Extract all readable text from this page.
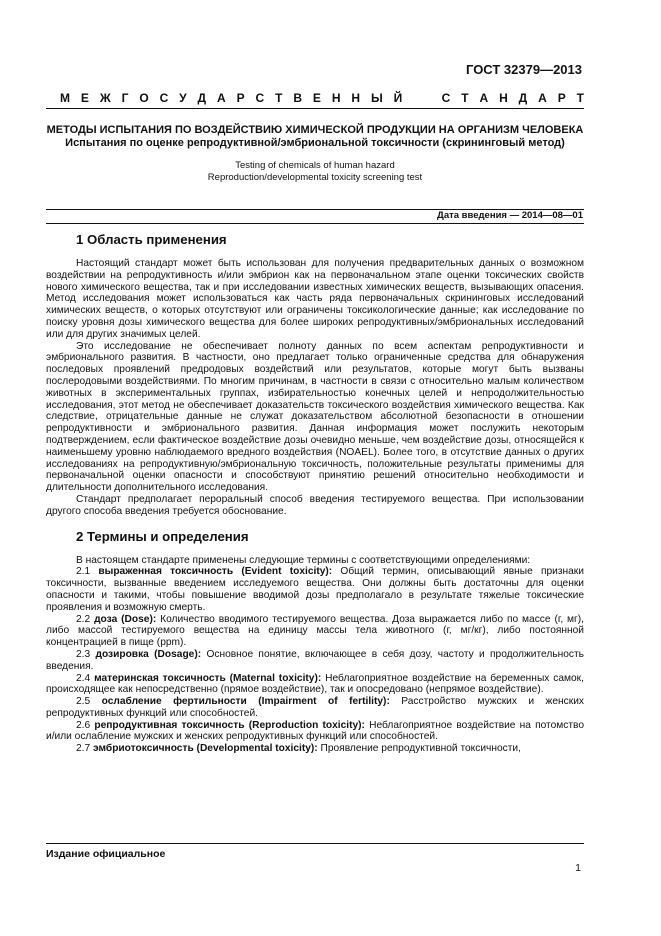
ГОСТ 32379—2013
М Е Ж Г О С У Д А Р С Т В Е Н Н Ы Й

	С Т А Н Д А Р Т
МЕТОДЫ ИСПЫТАНИЯ ПО ВОЗДЕЙСТВИЮ ХИМИЧЕСКОЙ ПРОДУКЦИИ НА ОРГАНИЗМ ЧЕЛОВЕКА
Испытания по оценке репродуктивной/эмбриональной токсичности (скрининговый метод)
Testing of chemicals of human hazard
Reproduction/developmental toxicity screening test
Дата введения — 2014—08—01
1 Область применения

Настоящий стандарт может быть использован для получения предварительных данных о возможном воздействии на репродуктивность и/или эмбрион как на первоначальном этапе оценки токсических свойств нового химического вещества, так и при исследовании известных химических веществ, вызывающих опасения. Метод исследования может использоваться как часть ряда первоначальных скрининговых исследований химических веществ, о которых отсутствуют или ограничены токсикологические данные; как исследование по поиску уровня дозы химического вещества для более широких репродуктивных/эмбриональных исследований или для других значимых целей.

Это исследование не обеспечивает полноту данных по всем аспектам репродуктивности и эмбрионального развития. В частности, оно предлагает только ограниченные средства для обнаружения последовых проявлений предродовых воздействий или результатов, которые могут быть вызваны послеродовыми воздействиями. По многим причинам, в частности в связи с относительно малым количеством животных в экспериментальных группах, избирательностью конечных целей и непродолжительностью исследования, этот метод не обеспечивает доказательств токсического воздействия химического вещества. Как следствие, отрицательные данные не служат доказательством абсолютной безопасности в отношении репродуктивности и эмбрионального развития. Данная информация может послужить некоторым подтверждением, если фактическое воздействие дозы очевидно меньше, чем воздействие дозы, относящейся к наименьшему уровню наблюдаемого вредного воздействия (NOAEL). Более того, в отсутствие данных о других исследованиях на репродуктивную/эмбриональную токсичность, положительные результаты применимы для первоначальной оценки опасности и способствуют принятию решений относительно необходимости и длительности дополнительного исследования.

Стандарт предполагает пероральный способ введения тестируемого вещества. При использовании другого способа введения требуется обоснование.

2 Термины и определения

В настоящем стандарте применены следующие термины с соответствующими определениями:

2.1 выраженная токсичность (Evident toxicity): Общий термин, описывающий явные признаки токсичности, вызванные введением исследуемого вещества. Они должны быть достаточны для оценки опасности и такими, чтобы повышение вводимой дозы предполагало в результате тяжелые токсические проявления и возможную смерть.

2.2 доза (Dose): Количество вводимого тестируемого вещества. Доза выражается либо по массе (г, мг), либо массой тестируемого вещества на единицу массы тела животного (г, мг/кг), либо постоянной концентрацией в пище (ppm).

2.3 дозировка (Dosage): Основное понятие, включающее в себя дозу, частоту и продолжительность введения.

2.4 материнская токсичность (Maternal toxicity): Неблагоприятное воздействие на беременных самок, происходящее как непосредственно (прямое воздействие), так и опосредовано (непрямое воздействие).

2.5 ослабление фертильности (Impairment of fertility): Расстройство мужских и женских репродуктивных функций или способностей.

2.6 репродуктивная токсичность (Reproduction toxicity): Неблагоприятное воздействие на потомство и/или ослабление мужских и женских репродуктивных функций или способностей.

2.7 эмбриотоксичность (Developmental toxicity): Проявление репродуктивной токсичности,

Издание официальное
1
